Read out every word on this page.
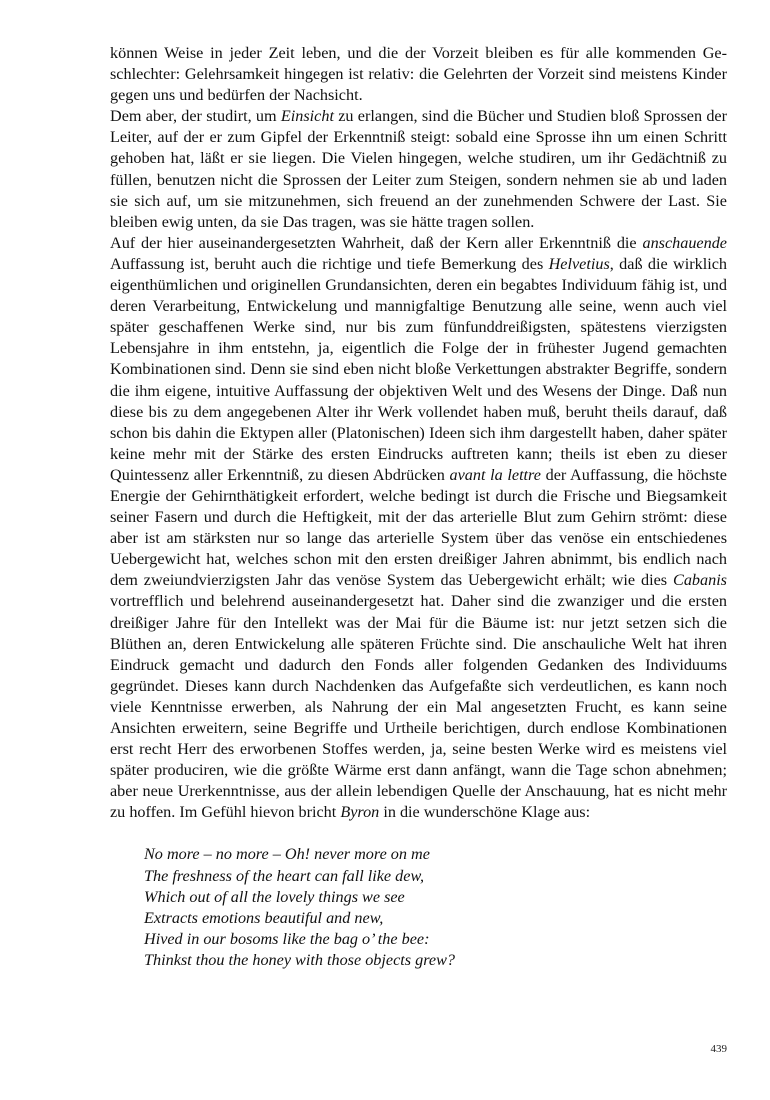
können Weise in jeder Zeit leben, und die der Vorzeit bleiben es für alle kommenden Geschlechter: Gelehrsamkeit hingegen ist relativ: die Gelehrten der Vorzeit sind meistens Kinder gegen uns und bedürfen der Nachsicht.

Dem aber, der studirt, um Einsicht zu erlangen, sind die Bücher und Studien bloß Sprossen der Leiter, auf der er zum Gipfel der Erkenntniß steigt: sobald eine Sprosse ihn um einen Schritt gehoben hat, läßt er sie liegen. Die Vielen hingegen, welche studiren, um ihr Gedächtniß zu füllen, benutzen nicht die Sprossen der Leiter zum Steigen, sondern nehmen sie ab und laden sie sich auf, um sie mitzunehmen, sich freuend an der zunehmenden Schwere der Last. Sie bleiben ewig unten, da sie Das tragen, was sie hätte tragen sollen.

Auf der hier auseinandergesetzten Wahrheit, daß der Kern aller Erkenntniß die anschauende Auffassung ist, beruht auch die richtige und tiefe Bemerkung des Helvetius, daß die wirklich eigenthümlichen und originellen Grundansichten, deren ein begabtes Individuum fähig ist, und deren Verarbeitung, Entwickelung und mannigfaltige Benutzung alle seine, wenn auch viel später geschaffenen Werke sind, nur bis zum fünfunddreißigsten, spätestens vierzigsten Lebensjahre in ihm entstehn, ja, eigentlich die Folge der in frühester Jugend gemachten Kombinationen sind. Denn sie sind eben nicht bloße Verkettungen abstrakter Begriffe, sondern die ihm eigene, intuitive Auffassung der objektiven Welt und des Wesens der Dinge. Daß nun diese bis zu dem angegebenen Alter ihr Werk vollendet haben muß, beruht theils darauf, daß schon bis dahin die Ektypen aller (Platonischen) Ideen sich ihm dargestellt haben, daher später keine mehr mit der Stärke des ersten Eindrucks auftreten kann; theils ist eben zu dieser Quintessenz aller Erkenntniß, zu diesen Abdrücken avant la lettre der Auffassung, die höchste Energie der Gehirnthätigkeit erfordert, welche bedingt ist durch die Frische und Biegsamkeit seiner Fasern und durch die Heftigkeit, mit der das arterielle Blut zum Gehirn strömt: diese aber ist am stärksten nur so lange das arterielle System über das venöse ein entschiedenes Uebergewicht hat, welches schon mit den ersten dreißiger Jahren abnimmt, bis endlich nach dem zweiundvierzigsten Jahr das venöse System das Uebergewicht erhält; wie dies Cabanis vortrefflich und belehrend auseinandergesetzt hat. Daher sind die zwanziger und die ersten dreißiger Jahre für den Intellekt was der Mai für die Bäume ist: nur jetzt setzen sich die Blüthen an, deren Entwickelung alle späteren Früchte sind. Die anschauliche Welt hat ihren Eindruck gemacht und dadurch den Fonds aller folgenden Gedanken des Individuums gegründet. Dieses kann durch Nachdenken das Aufgefaßte sich verdeutlichen, es kann noch viele Kenntnisse erwerben, als Nahrung der ein Mal angesetzten Frucht, es kann seine Ansichten erweitern, seine Begriffe und Urtheile berichtigen, durch endlose Kombinationen erst recht Herr des erworbenen Stoffes werden, ja, seine besten Werke wird es meistens viel später produciren, wie die größte Wärme erst dann anfängt, wann die Tage schon abnehmen; aber neue Urerkenntnisse, aus der allein lebendigen Quelle der Anschauung, hat es nicht mehr zu hoffen. Im Gefühl hievon bricht Byron in die wunderschöne Klage aus:

No more – no more – Oh! never more on me
The freshness of the heart can fall like dew,
Which out of all the lovely things we see
Extracts emotions beautiful and new,
Hived in our bosoms like the bag o’ the bee:
Thinkst thou the honey with those objects grew?
439
